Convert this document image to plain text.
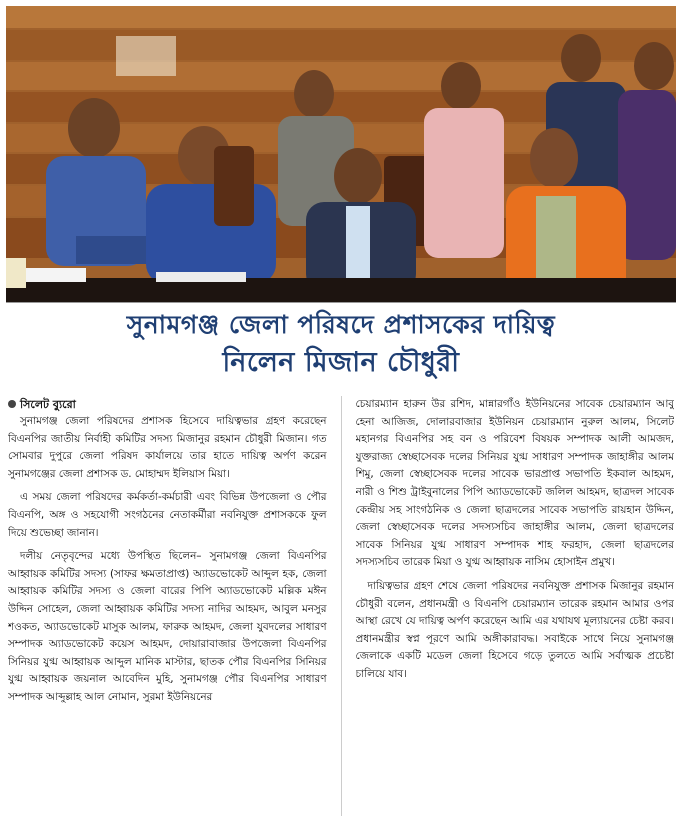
সুনামগঞ্জ জেলা পরিষদে প্রশাসকের দায়িত্ব
নিলেন মিজান চৌধুরী
সিলেট ব্যুরো

সুনামগঞ্জ জেলা পরিষদের প্রশাসক হিসেবে দায়িত্বভার গ্রহণ করেছেন বিএনপির জাতীয় নির্বাহী কমিটির সদস্য মিজানুর রহমান চৌধুরী মিজান। গত সোমবার দুপুরে জেলা পরিষদ কার্যালয়ে তার হাতে দায়িত্ব অর্পণ করেন সুনামগঞ্জের জেলা প্রশাসক ড. মোহাম্মদ ইলিয়াস মিয়া।

এ সময় জেলা পরিষদের কর্মকর্তা-কর্মচারী এবং বিভিন্ন উপজেলা ও পৌর বিএনপি, অঙ্গ ও সহযোগী সংগঠনের নেতাকর্মীরা নবনিযুক্ত প্রশাসককে ফুল দিয়ে শুভেচ্ছা জানান।

দলীয় নেতৃবৃন্দের মধ্যে উপস্থিত ছিলেন– সুনামগঞ্জ জেলা বিএনপির আহ্বায়ক কমিটির সদস্য (সাফর ক্ষমতাপ্রাপ্ত) অ্যাডভোকেট আব্দুল হক, জেলা আহ্বায়ক কমিটির সদস্য ও জেলা বারের পিপি অ্যাডভোকেট মল্লিক মঈন উদ্দিন সোহেল, জেলা আহ্বায়ক কমিটির সদস্য নাদির আহমদ, আবুল মনসুর শওকত, অ্যাডভোকেট মাসুক আলম, ফারুক আহমদ, জেলা যুবদলের সাধারণ সম্পাদক অ্যাডভোকেট কয়েস আহমদ, দোয়ারাবাজার উপজেলা বিএনপির সিনিয়র যুগ্ম আহ্বায়ক আব্দুল মানিক মাস্টার, ছাতক পৌর বিএনপির সিনিয়র যুগ্ম আহ্বায়ক জয়নাল আবেদিন মুহি, সুনামগঞ্জ পৌর বিএনপির সাধারণ সম্পাদক আব্দুল্লাহ আল নোমান, সুরমা ইউনিয়নের

চেয়ারম্যান হারুন উর রশিদ, মান্নারগাঁও ইউনিয়নের সাবেক চেয়ারম্যান আবু হেনা আজিজ, দোলারবাজার ইউনিয়ন চেয়ারম্যান নুরুল আলম, সিলেট মহানগর বিএনপির সহ বন ও পরিবেশ বিষয়ক সম্পাদক আলী আমজদ, যুক্তরাজ্য স্বেচ্ছাসেবক দলের সিনিয়র যুগ্ম সাধারণ সম্পাদক জাহাঙ্গীর আলম শিমু, জেলা স্বেচ্ছাসেবক দলের সাবেক ভারপ্রাপ্ত সভাপতি ইকবাল আহমদ, নারী ও শিশু ট্রাইবুনালের পিপি অ্যাডভোকেট জলিল আহমদ, ছাত্রদল সাবেক কেন্দ্রীয় সহ সাংগঠনিক ও জেলা ছাত্রদলের সাবেক সভাপতি রায়হান উদ্দিন, জেলা স্বেচ্ছাসেবক দলের সদস্যসচিব জাহাঙ্গীর আলম, জেলা ছাত্রদলের সাবেক সিনিয়র যুগ্ম সাধারণ সম্পাদক শাহ ফরহাদ, জেলা ছাত্রদলের সদস্যসচিব তারেক মিয়া ও যুগ্ম আহ্বায়ক নাসিম হোসাইন প্রমুখ।

দায়িত্বভার গ্রহণ শেষে জেলা পরিষদের নবনিযুক্ত প্রশাসক মিজানুর রহমান চৌধুরী বলেন, প্রধানমন্ত্রী ও বিএনপি চেয়ারম্যান তারেক রহমান আমার ওপর আস্থা রেখে যে দায়িত্ব অর্পণ করেছেন আমি এর যথাযথ মূল্যায়নের চেষ্টা করব। প্রধানমন্ত্রীর স্বপ্ন পূরণে আমি অঙ্গীকারাবদ্ধ। সবাইকে সাথে নিয়ে সুনামগঞ্জ জেলাকে একটি মডেল জেলা হিসেবে গড়ে তুলতে আমি সর্বাত্মক প্রচেষ্টা চালিয়ে যাব।
